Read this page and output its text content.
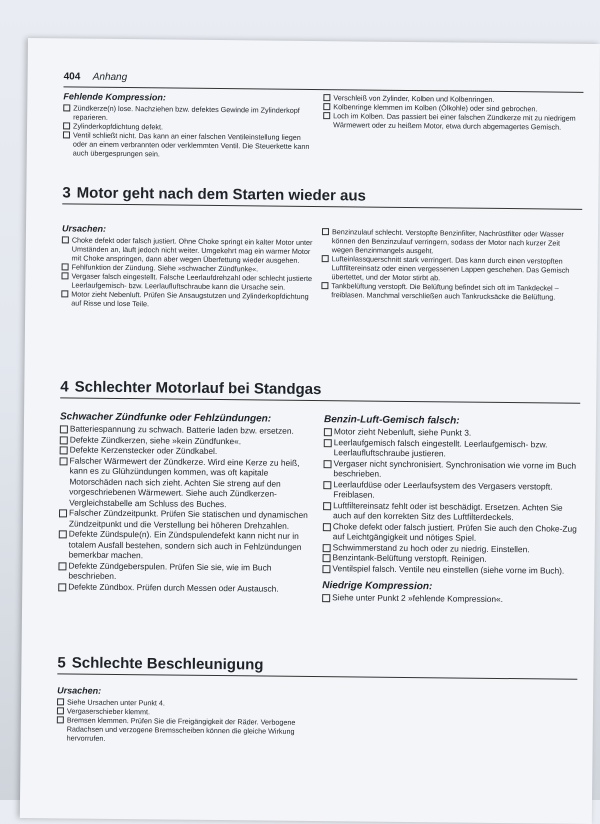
404 Anhang
Fehlende Kompression:
Zündkerze(n) lose. Nachziehen bzw. defektes Gewinde im Zylinderkopf reparieren.
Zylinderkopfdichtung defekt.
Ventil schließt nicht. Das kann an einer falschen Ventileinstellung liegen oder an einem verbrannten oder verklemmten Ventil. Die Steuerkette kann auch übergesprungen sein.
Verschleiß von Zylinder, Kolben und Kolbenringen.
Kolbenringe klemmen im Kolben (Ölkohle) oder sind gebrochen.
Loch im Kolben. Das passiert bei einer falschen Zündkerze mit zu niedrigem Wärmewert oder zu heißem Motor, etwa durch abgemagertes Gemisch.
3 Motor geht nach dem Starten wieder aus
Ursachen:
Choke defekt oder falsch justiert. Ohne Choke springt ein kalter Motor unter Umständen an, läuft jedoch nicht weiter. Umgekehrt mag ein warmer Motor mit Choke anspringen, dann aber wegen Überfettung wieder ausgehen.
Fehlfunktion der Zündung. Siehe »schwacher Zündfunke«.
Vergaser falsch eingestellt. Falsche Leerlaufdrehzahl oder schlecht justierte Leerlaufgemisch- bzw. Leerlaufluftschraube kann die Ursache sein.
Motor zieht Nebenluft. Prüfen Sie Ansaugstutzen und Zylinderkopfdichtung auf Risse und lose Teile.
Benzinzulauf schlecht. Verstopfte Benzinfilter, Nachrüstfilter oder Wasser können den Benzinzulauf verringern, sodass der Motor nach kurzer Zeit wegen Benzinmangels ausgeht.
Lufteinlassquerschnitt stark verringert. Das kann durch einen verstopften Luftfiltereinsatz oder einen vergessenen Lappen geschehen. Das Gemisch übertettet, und der Motor stirbt ab.
Tankbelüftung verstopft. Die Belüftung befindet sich oft im Tankdeckel – freiblasen. Manchmal verschließen auch Tankrucksäcke die Belüftung.
4 Schlechter Motorlauf bei Standgas
Schwacher Zündfunke oder Fehlzündungen:
Batteriespannung zu schwach. Batterie laden bzw. ersetzen.
Defekte Zündkerzen, siehe »kein Zündfunke«.
Defekte Kerzenstecker oder Zündkabel.
Falscher Wärmewert der Zündkerze. Wird eine Kerze zu heiß, kann es zu Glühzündungen kommen, was oft kapitale Motorschäden nach sich zieht. Achten Sie streng auf den vorgeschriebenen Wärmewert. Siehe auch Zündkerzen-Vergleichstabelle am Schluss des Buches.
Falscher Zündzeitpunkt. Prüfen Sie statischen und dynamischen Zündzeitpunkt und die Verstellung bei höheren Drehzahlen.
Defekte Zündspule(n). Ein Zündspulendefekt kann nicht nur in totalem Ausfall bestehen, sondern sich auch in Fehlzündungen bemerkbar machen.
Defekte Zündgeberspulen. Prüfen Sie sie, wie im Buch beschrieben.
Defekte Zündbox. Prüfen durch Messen oder Austausch.
Benzin-Luft-Gemisch falsch:
Motor zieht Nebenluft, siehe Punkt 3.
Leerlaufgemisch falsch eingestellt. Leerlaufgemisch- bzw. Leerlaufluftschraube justieren.
Vergaser nicht synchronisiert. Synchronisation wie vorne im Buch beschrieben.
Leerlaufdüse oder Leerlaufsystem des Vergasers verstopft. Freiblasen.
Luftfiltereinsatz fehlt oder ist beschädigt. Ersetzen. Achten Sie auch auf den korrekten Sitz des Luftfilterdeckels.
Choke defekt oder falsch justiert. Prüfen Sie auch den Choke-Zug auf Leichtgängigkeit und nötiges Spiel.
Schwimmerstand zu hoch oder zu niedrig. Einstellen.
Benzintank-Belüftung verstopft. Reinigen.
Ventilspiel falsch. Ventile neu einstellen (siehe vorne im Buch).
Niedrige Kompression:
Siehe unter Punkt 2 »fehlende Kompression«.
5 Schlechte Beschleunigung
Ursachen:
Siehe Ursachen unter Punkt 4.
Vergaserschieber klemmt.
Bremsen klemmen. Prüfen Sie die Freigängigkeit der Räder. Verbogene Radachsen und verzogene Bremsscheiben können die gleiche Wirkung hervorrufen.
